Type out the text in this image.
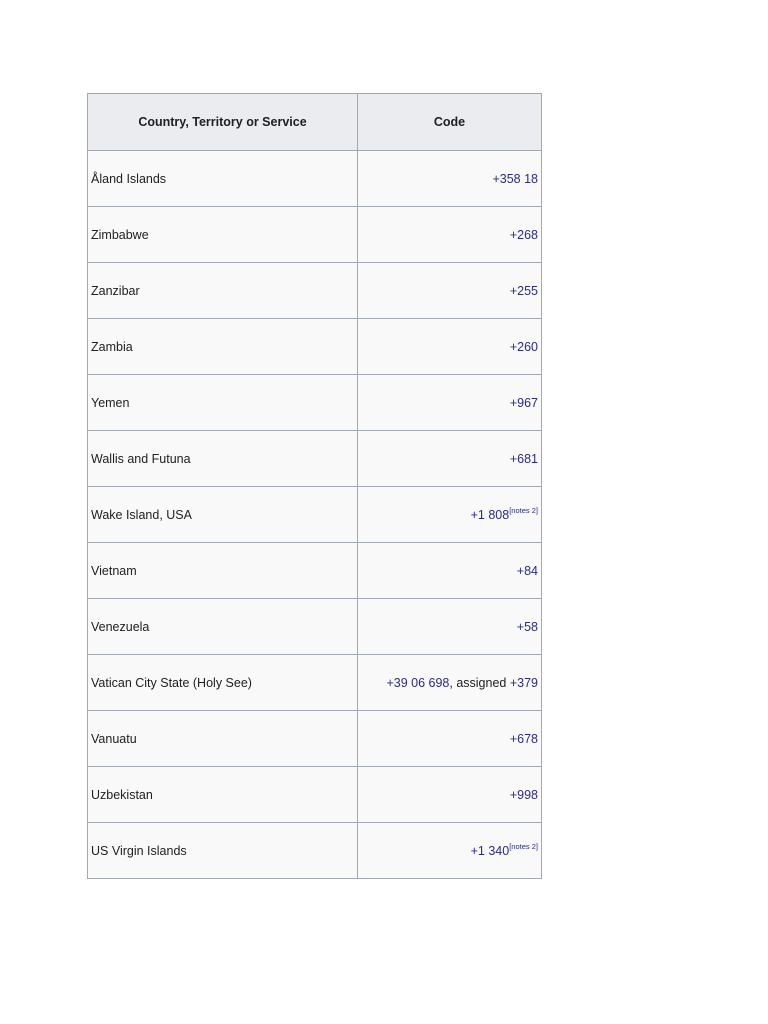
Country, Territory or Service	Code
Åland Islands	+358 18
Zimbabwe	+268
Zanzibar	+255
Zambia	+260
Yemen	+967
Wallis and Futuna	+681
Wake Island, USA	+1 808[notes 2]
Vietnam	+84
Venezuela	+58
Vatican City State (Holy See)	+39 06 698, assigned +379
Vanuatu	+678
Uzbekistan	+998
US Virgin Islands	+1 340[notes 2]
